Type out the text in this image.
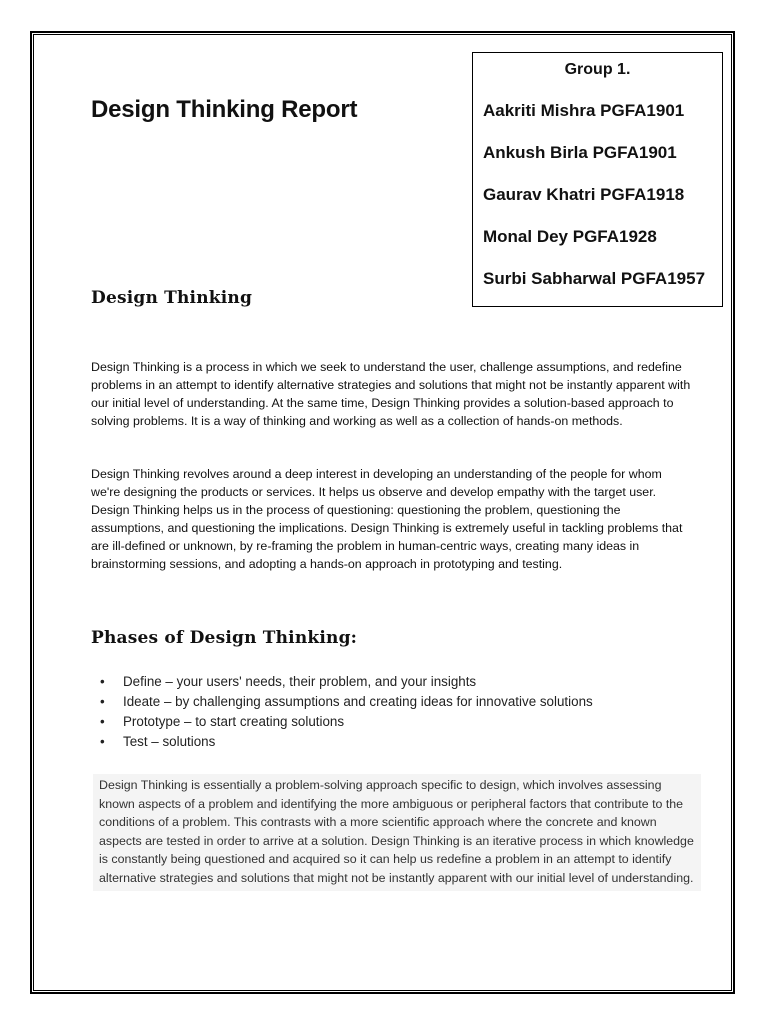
Design Thinking Report
Group 1.
Aakriti Mishra PGFA1901
Ankush Birla PGFA1901
Gaurav Khatri PGFA1918
Monal Dey PGFA1928
Surbi Sabharwal PGFA1957
Design Thinking
Design Thinking is a process in which we seek to understand the user, challenge assumptions, and redefine problems in an attempt to identify alternative strategies and solutions that might not be instantly apparent with our initial level of understanding. At the same time, Design Thinking provides a solution-based approach to solving problems. It is a way of thinking and working as well as a collection of hands-on methods.
Design Thinking revolves around a deep interest in developing an understanding of the people for whom we're designing the products or services. It helps us observe and develop empathy with the target user. Design Thinking helps us in the process of questioning: questioning the problem, questioning the assumptions, and questioning the implications. Design Thinking is extremely useful in tackling problems that are ill-defined or unknown, by re-framing the problem in human-centric ways, creating many ideas in brainstorming sessions, and adopting a hands-on approach in prototyping and testing.
Phases of Design Thinking:
• Define – your users' needs, their problem, and your insights
• Ideate – by challenging assumptions and creating ideas for innovative solutions
• Prototype – to start creating solutions
• Test – solutions
Design Thinking is essentially a problem-solving approach specific to design, which involves assessing known aspects of a problem and identifying the more ambiguous or peripheral factors that contribute to the conditions of a problem. This contrasts with a more scientific approach where the concrete and known aspects are tested in order to arrive at a solution. Design Thinking is an iterative process in which knowledge is constantly being questioned and acquired so it can help us redefine a problem in an attempt to identify alternative strategies and solutions that might not be instantly apparent with our initial level of understanding.
